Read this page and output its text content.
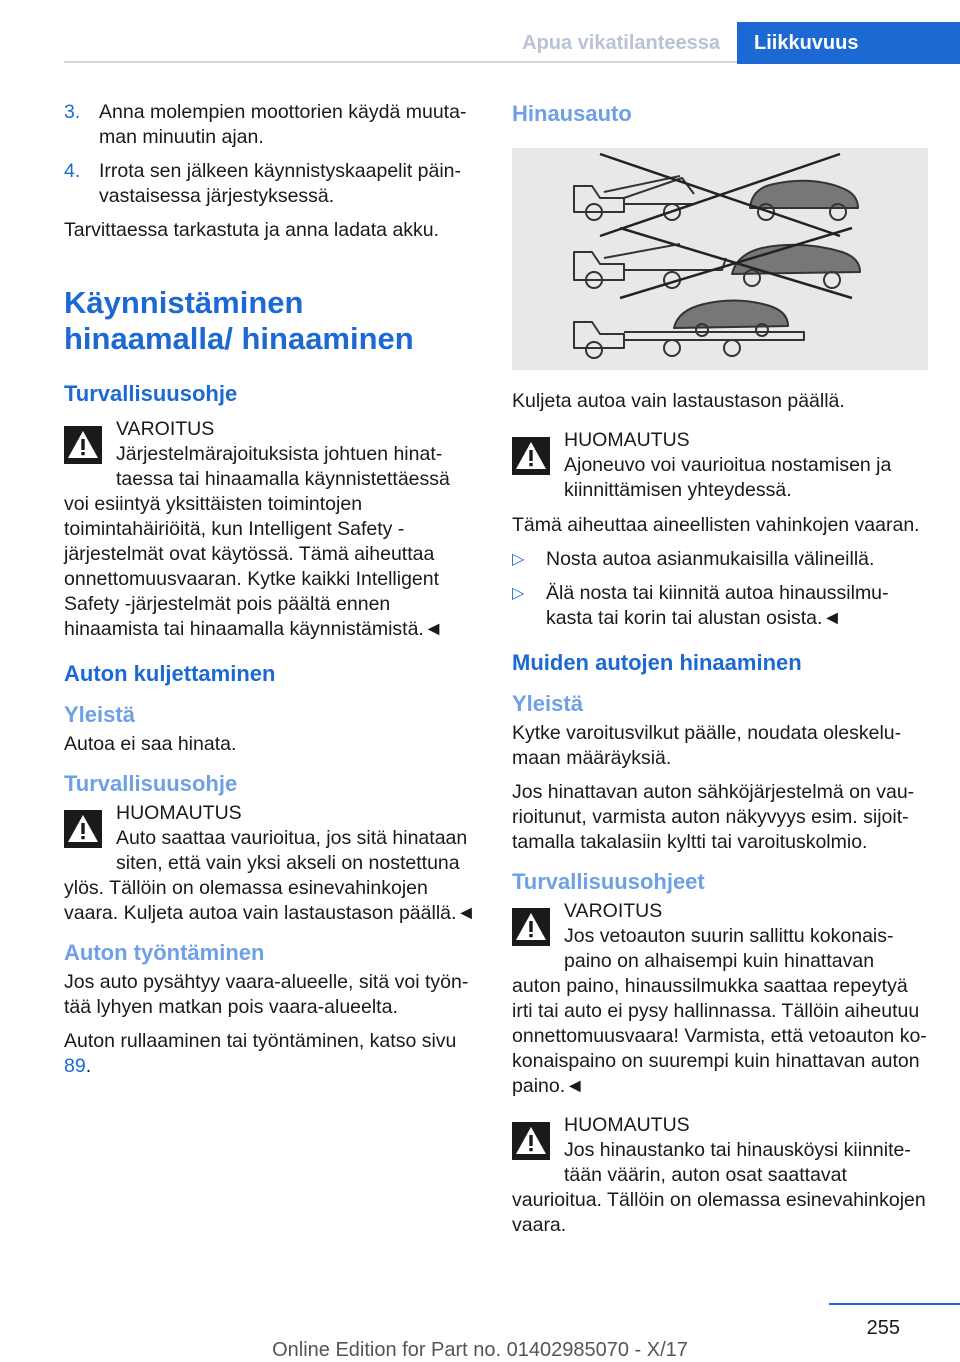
Apua vikatilanteessa	Liikkuvuus
3. Anna molempien moottorien käydä muutaman minuutin ajan.
4. Irrota sen jälkeen käynnistyskaapelit päinvastaisessa järjestyksessä.

Tarvittaessa tarkastuta ja anna ladata akku.

Käynnistäminen hinaamalla/ hinaaminen
Turvallisuusohje
VAROITUS
Järjestelmärajoituksista johtuen hinattaessa tai hinaamalla käynnistettäessä voi esiintyä yksittäisten toimintojen toimintahäiriöitä, kun Intelligent Safety -järjestelmät ovat käytössä. Tämä aiheuttaa onnettomuusvaaran. Kytke kaikki Intelligent Safety -järjestelmät pois päältä ennen hinaamista tai hinaamalla käynnistämistä.◄
Auton kuljettaminen
Yleistä

Autoa ei saa hinata.

Turvallisuusohje
HUOMAUTUS
Auto saattaa vaurioitua, jos sitä hinataan siten, että vain yksi akseli on nostettuna ylös. Tällöin on olemassa esinevahinkojen vaara. Kuljeta autoa vain lastaustason päällä.◄
Auton työntäminen

Jos auto pysähtyy vaara-alueelle, sitä voi työntää lyhyen matkan pois vaara-alueelta.

Auton rullaaminen tai työntäminen, katso sivu 89.

Hinausauto

Kuljeta autoa vain lastaustason päällä.

HUOMAUTUS
Ajoneuvo voi vaurioitua nostamisen ja kiinnittämisen yhteydessä.

Tämä aiheuttaa aineellisten vahinkojen vaaran.

▷ Nosta autoa asianmukaisilla välineillä.
▷ Älä nosta tai kiinnitä autoa hinaussilmukasta tai korin tai alustan osista.◄
Muiden autojen hinaaminen
Yleistä

Kytke varoitusvilkut päälle, noudata oleskelumaan määräyksiä.

Jos hinattavan auton sähköjärjestelmä on vaurioitunut, varmista auton näkyvyys esim. sijoittamalla takalasiin kyltti tai varoituskolmio.

Turvallisuusohjeet
VAROITUS
Jos vetoauton suurin sallittu kokonaispaino on alhaisempi kuin hinattavan auton paino, hinaussilmukka saattaa repeytyä irti tai auto ei pysy hallinnassa. Tällöin aiheutuu onnettomuusvaara! Varmista, että vetoauton kokonaispaino on suurempi kuin hinattavan auton paino.◄
HUOMAUTUS
Jos hinaustanko tai hinausköysi kiinnitetään väärin, auton osat saattavat vaurioitua. Tällöin on olemassa esinevahinkojen vaara.
255
Online Edition for Part no. 01402985070 - X/17
